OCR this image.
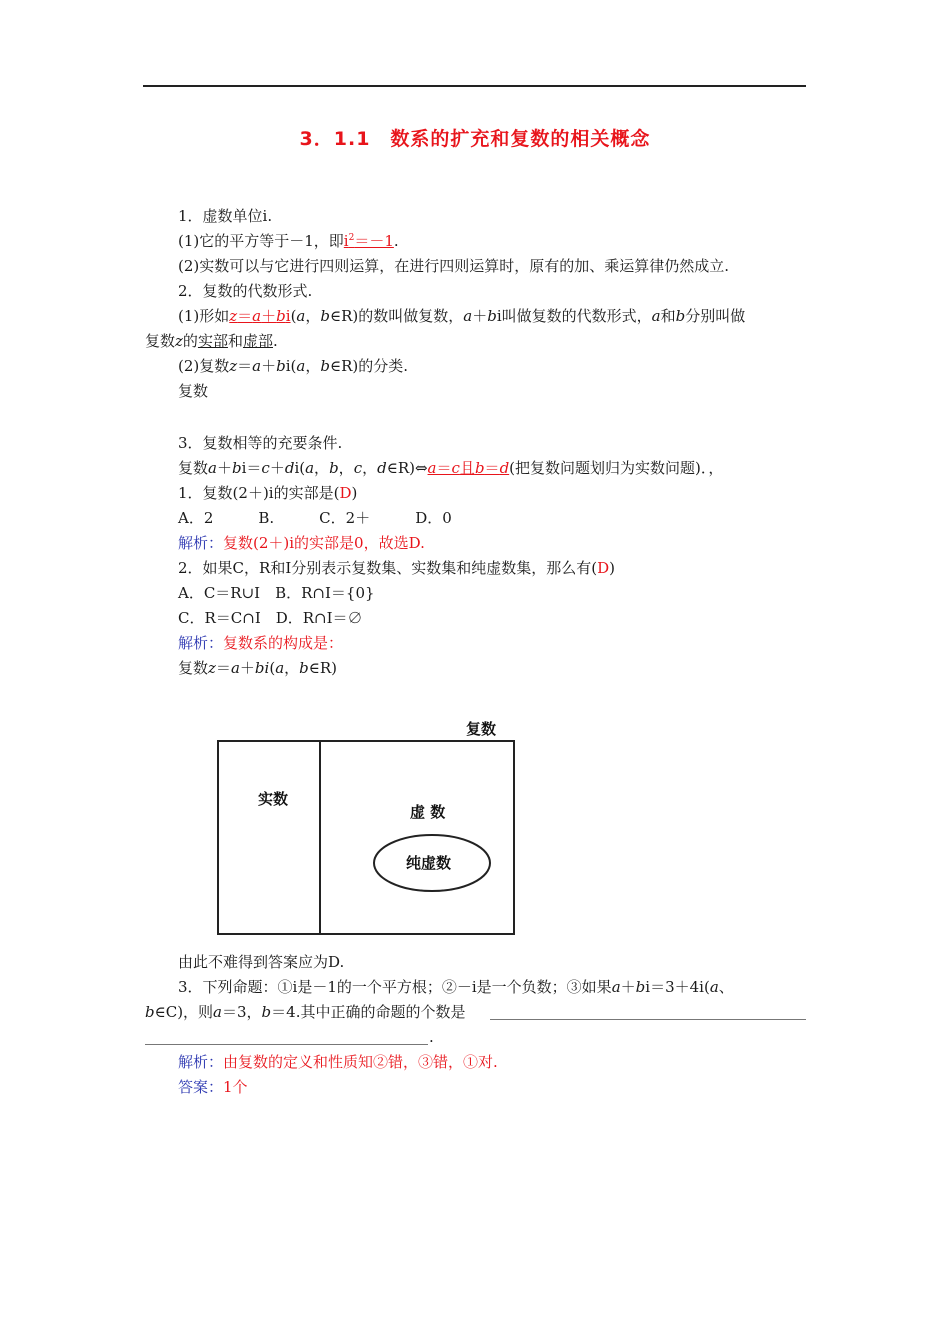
3．1.1　数系的扩充和复数的相关概念
1．虚数单位i.
(1)它的平方等于－1，即$i^2=-1$.
(2)实数可以与它进行四则运算，在进行四则运算时，原有的加、乘运算律仍然成立.
2．复数的代数形式.
(1)形如z＝a＋bi(a，b∈R)的数叫做复数，a＋bi叫做复数的代数形式，a和b分别叫做
复数z的实部和虚部.
(2)复数z＝a＋bi(a，b∈R)的分类.
复数
3．复数相等的充要条件.
复数a＋bi＝c＋di(a，b，c，d∈R)⇔a＝c且b＝d(把复数问题划归为实数问题)．，
1．复数(2＋)i的实部是(D)
A．2　　　B.　　　C．2＋　　　D．0
解析：复数(2＋)i的实部是0，故选D.
2．如果C，R和I分别表示复数集、实数集和纯虚数集，那么有(D)
A．C＝R∪I　B．R∩I＝{0}
C．R＝C∩I　D．R∩I＝∅
解析：复数系的构成是：
复数z＝a＋bi(a，b∈R)
复数
实数
虚 数
纯虚数
由此不难得到答案应为D.
3．下列命题：①i是－1的一个平方根；②－i是一个负数；③如果a＋bi＝3＋4i(a、
b∈C)，则a＝3，b＝4.其中正确的命题的个数是
.
解析：由复数的定义和性质知②错，③错，①对.
答案：1个
